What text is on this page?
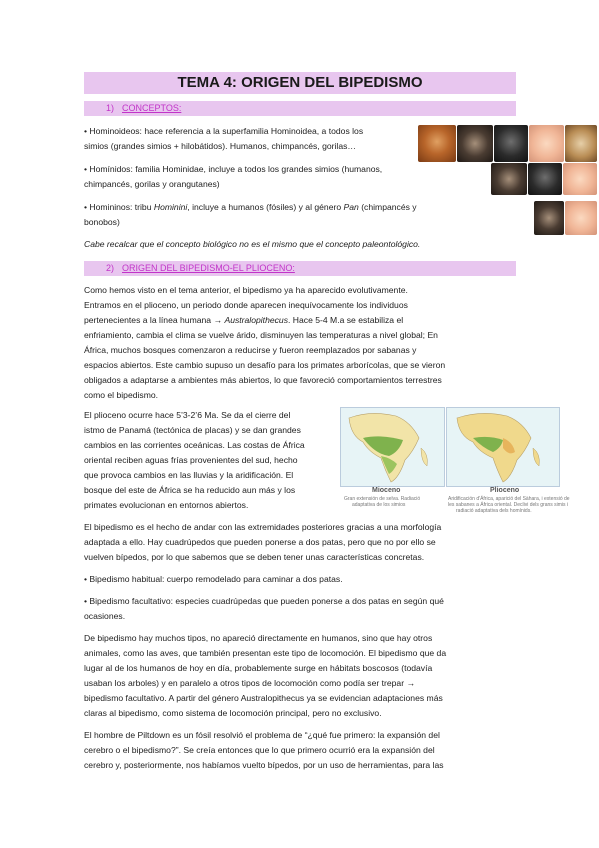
TEMA 4: ORIGEN DEL BIPEDISMO
1) CONCEPTOS:

• Hominoideos: hace referencia a la superfamilia Hominoidea, a todos los

simios (grandes simios + hilobátidos). Humanos, chimpancés, gorilas…

• Homínidos: familia Hominidae, incluye a todos los grandes simios (humanos,

chimpancés, gorilas y orangutanes)

• Homininos: tribu Hominini, incluye a humanos (fósiles) y al género Pan (chimpancés y

bonobos)

Cabe recalcar que el concepto biológico no es el mismo que el concepto paleontológico.

2) ORIGEN DEL BIPEDISMO-EL PLIOCENO:

Como hemos visto en el tema anterior, el bipedismo ya ha aparecido evolutivamente.

Entramos en el plioceno, un periodo donde aparecen inequívocamente los individuos

pertenecientes a la línea humana → Australopithecus. Hace 5-4 M.a se estabiliza el

enfriamiento, cambia el clima se vuelve árido, disminuyen las temperaturas a nivel global; En

África, muchos bosques comenzaron a reducirse y fueron reemplazados por sabanas y

espacios abiertos. Este cambio supuso un desafío para los primates arborícolas, que se vieron

obligados a adaptarse a ambientes más abiertos, lo que favoreció comportamientos terrestres

como el bipedismo.

El plioceno ocurre hace 5’3-2’6 Ma. Se da el cierre del

istmo de Panamá (tectónica de placas) y se dan grandes

cambios en las corrientes oceánicas. Las costas de África

oriental reciben aguas frías provenientes del sud, hecho

que provoca cambios en las lluvias y la aridificación. El

bosque del este de África se ha reducido aun más y los

primates evolucionan en entornos abiertos.

Mioceno
Gran extensión de selva. Radiació
adaptativa de los simios
Plioceno
Aridificación d'África, aparició del Sàhara, i extensió de
les sabanes a África oriental. Declivi dels grans simis i
radiació adaptativa dels homínids.

El bipedismo es el hecho de andar con las extremidades posteriores gracias a una morfología

adaptada a ello. Hay cuadrúpedos que pueden ponerse a dos patas, pero que no por ello se

vuelven bípedos, por lo que sabemos que se deben tener unas características concretas.

• Bipedismo habitual: cuerpo remodelado para caminar a dos patas.

• Bipedismo facultativo: especies cuadrúpedas que pueden ponerse a dos patas en según qué

ocasiones.

De bipedismo hay muchos tipos, no apareció directamente en humanos, sino que hay otros

animales, como las aves, que también presentan este tipo de locomoción. El bipedismo que da

lugar al de los humanos de hoy en día, probablemente surge en hábitats boscosos (todavía

usaban los arboles) y en paralelo a otros tipos de locomoción como podía ser trepar →

bipedismo facultativo. A partir del género Australopithecus ya se evidencian adaptaciones más

claras al bipedismo, como sistema de locomoción principal, pero no exclusivo.

El hombre de Piltdown es un fósil resolvió el problema de “¿qué fue primero: la expansión del

cerebro o el bipedismo?”. Se creía entonces que lo que primero ocurrió era la expansión del

cerebro y, posteriormente, nos habíamos vuelto bípedos, por un uso de herramientas, para las
